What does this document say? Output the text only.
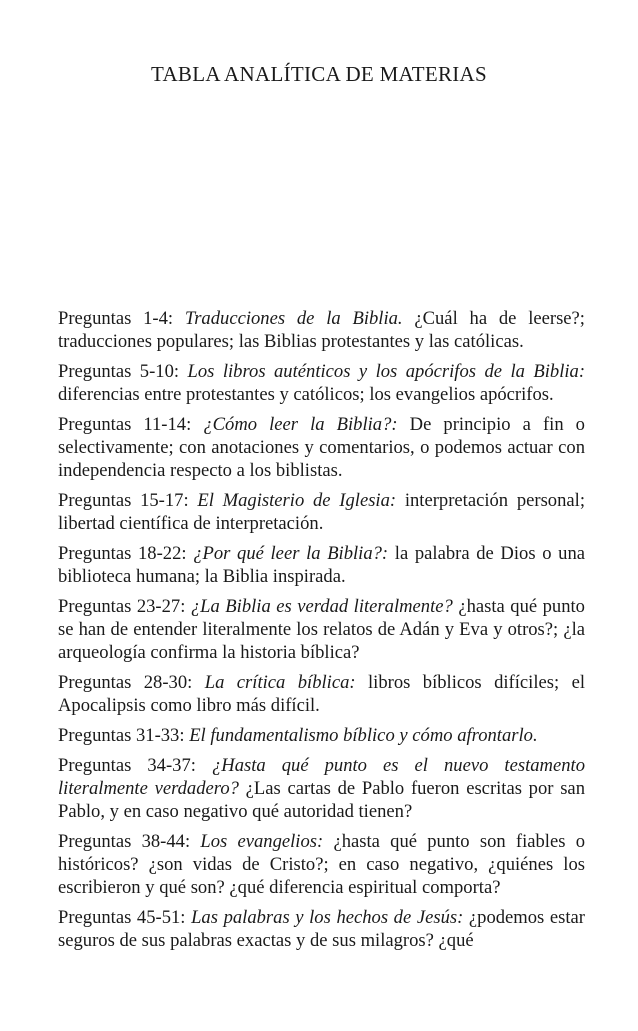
TABLA ANALÍTICA DE MATERIAS

Preguntas 1-4: Traducciones de la Biblia. ¿Cuál ha de leerse?; traducciones populares; las Biblias protestantes y las católicas.

Preguntas 5-10: Los libros auténticos y los apócrifos de la Biblia: diferencias entre protestantes y católicos; los evangelios apócrifos.

Preguntas 11-14: ¿Cómo leer la Biblia?: De principio a fin o selectivamente; con anotaciones y comentarios, o podemos actuar con independencia respecto a los biblistas.

Preguntas 15-17: El Magisterio de Iglesia: interpretación personal; libertad científica de interpretación.

Preguntas 18-22: ¿Por qué leer la Biblia?: la palabra de Dios o una biblioteca humana; la Biblia inspirada.

Preguntas 23-27: ¿La Biblia es verdad literalmente? ¿hasta qué punto se han de entender literalmente los relatos de Adán y Eva y otros?; ¿la arqueología confirma la historia bíblica?

Preguntas 28-30: La crítica bíblica: libros bíblicos difíciles; el Apocalipsis como libro más difícil.

Preguntas 31-33: El fundamentalismo bíblico y cómo afrontarlo.

Preguntas 34-37: ¿Hasta qué punto es el nuevo testamento literalmente verdadero? ¿Las cartas de Pablo fueron escritas por san Pablo, y en caso negativo qué autoridad tienen?

Preguntas 38-44: Los evangelios: ¿hasta qué punto son fiables o históricos? ¿son vidas de Cristo?; en caso negativo, ¿quiénes los escribieron y qué son? ¿qué diferencia espiritual comporta?

Preguntas 45-51: Las palabras y los hechos de Jesús: ¿podemos estar seguros de sus palabras exactas y de sus milagros? ¿qué
